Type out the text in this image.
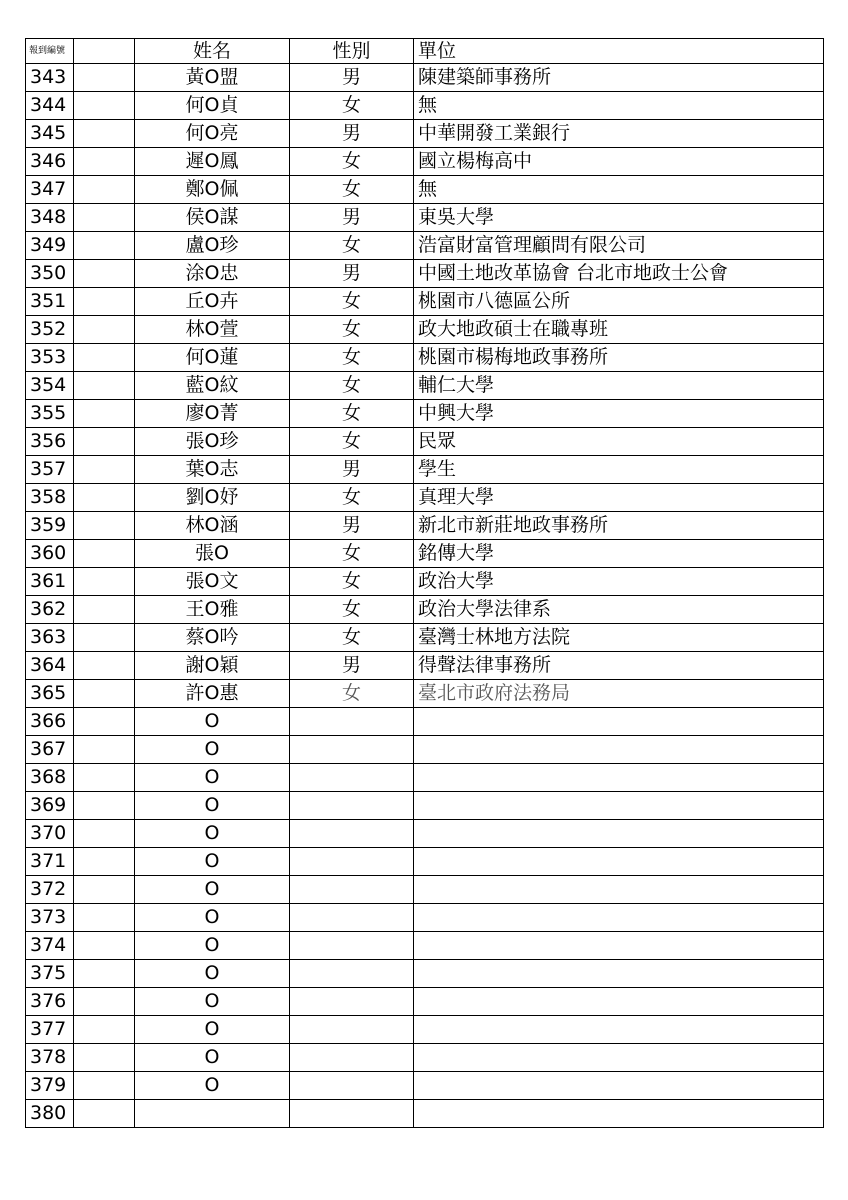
報到編號		姓名	性別	單位
343		黃O盟	男	陳建築師事務所
344		何O貞	女	無
345		何O亮	男	中華開發工業銀行
346		遲O鳳	女	國立楊梅高中
347		鄭O佩	女	無
348		侯O謀	男	東吳大學
349		盧O珍	女	浩富財富管理顧問有限公司
350		涂O忠	男	中國土地改革協會 台北市地政士公會
351		丘O卉	女	桃園市八德區公所
352		林O萱	女	政大地政碩士在職專班
353		何O蓮	女	桃園市楊梅地政事務所
354		藍O紋	女	輔仁大學
355		廖O菁	女	中興大學
356		張O珍	女	民眾
357		葉O志	男	學生
358		劉O妤	女	真理大學
359		林O涵	男	新北市新莊地政事務所
360		張O	女	銘傳大學
361		張O文	女	政治大學
362		王O雅	女	政治大學法律系
363		蔡O吟	女	臺灣士林地方法院
364		謝O穎	男	得聲法律事務所
365		許O惠	女	臺北市政府法務局
366		O		
367		O		
368		O		
369		O		
370		O		
371		O		
372		O		
373		O		
374		O		
375		O		
376		O		
377		O		
378		O		
379		O		
380				
